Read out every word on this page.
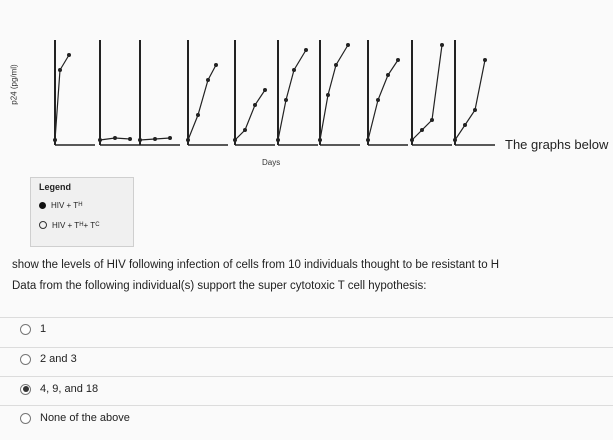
p24 (pg/ml)
Days
The graphs below
Legend
HIV + T H
HIV + T H + T C
show the levels of HIV following infection of cells from 10 individuals thought to be resistant to H
Data from the following individual(s) support the super cytotoxic T cell hypothesis:
1
2 and 3
4, 9, and 18
None of the above
